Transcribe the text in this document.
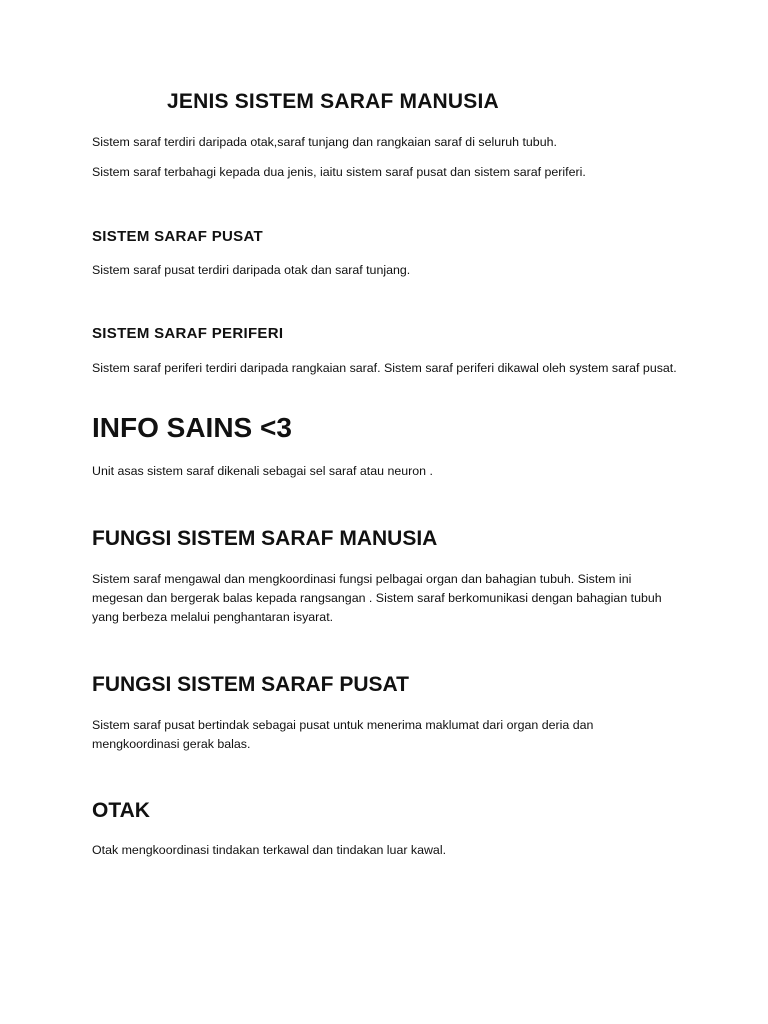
JENIS SISTEM SARAF MANUSIA

Sistem saraf terdiri daripada otak,saraf tunjang dan rangkaian saraf di seluruh tubuh.

Sistem saraf terbahagi kepada dua jenis, iaitu sistem saraf pusat dan sistem saraf periferi.

SISTEM SARAF PUSAT

Sistem saraf pusat terdiri daripada otak dan saraf tunjang.

SISTEM SARAF PERIFERI

Sistem saraf periferi terdiri daripada rangkaian saraf. Sistem saraf periferi dikawal oleh system saraf pusat.

INFO SAINS <3

Unit asas sistem saraf dikenali sebagai sel saraf atau neuron .

FUNGSI SISTEM SARAF MANUSIA

Sistem saraf mengawal dan mengkoordinasi fungsi pelbagai organ dan bahagian tubuh. Sistem ini megesan dan bergerak balas kepada rangsangan . Sistem saraf berkomunikasi dengan bahagian tubuh yang berbeza melalui penghantaran isyarat.

FUNGSI SISTEM SARAF PUSAT

Sistem saraf pusat bertindak sebagai pusat untuk menerima maklumat dari organ deria dan mengkoordinasi gerak balas.

OTAK

Otak mengkoordinasi tindakan terkawal dan tindakan luar kawal.
